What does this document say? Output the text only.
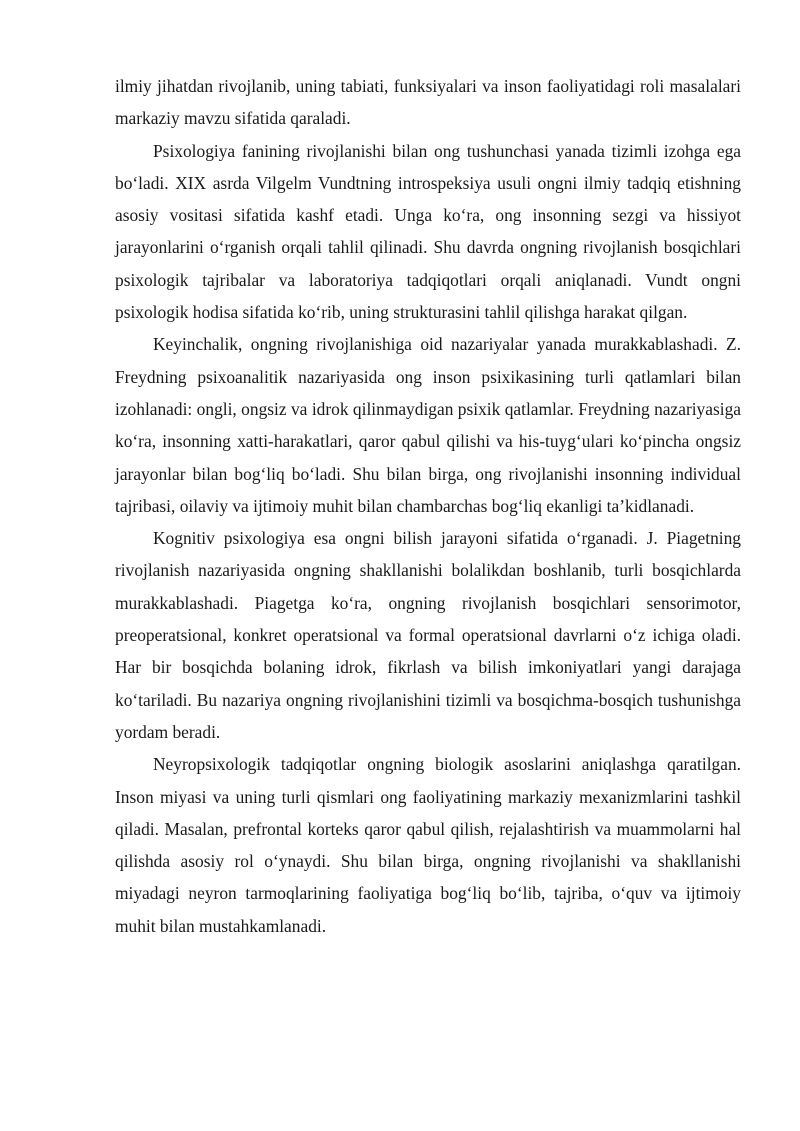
ilmiy jihatdan rivojlanib, uning tabiati, funksiyalari va inson faoliyatidagi roli masalalari markaziy mavzu sifatida qaraladi.

Psixologiya fanining rivojlanishi bilan ong tushunchasi yanada tizimli izohga ega bo‘ladi. XIX asrda Vilgelm Vundtning introspeksiya usuli ongni ilmiy tadqiq etishning asosiy vositasi sifatida kashf etadi. Unga ko‘ra, ong insonning sezgi va hissiyot jarayonlarini o‘rganish orqali tahlil qilinadi. Shu davrda ongning rivojlanish bosqichlari psixologik tajribalar va laboratoriya tadqiqotlari orqali aniqlanadi. Vundt ongni psixologik hodisa sifatida ko‘rib, uning strukturasini tahlil qilishga harakat qilgan.

Keyinchalik, ongning rivojlanishiga oid nazariyalar yanada murakkablashadi. Z. Freydning psixoanalitik nazariyasida ong inson psixikasining turli qatlamlari bilan izohlanadi: ongli, ongsiz va idrok qilinmaydigan psixik qatlamlar. Freydning nazariyasiga ko‘ra, insonning xatti-harakatlari, qaror qabul qilishi va his-tuyg‘ulari ko‘pincha ongsiz jarayonlar bilan bog‘liq bo‘ladi. Shu bilan birga, ong rivojlanishi insonning individual tajribasi, oilaviy va ijtimoiy muhit bilan chambarchas bog‘liq ekanligi ta’kidlanadi.

Kognitiv psixologiya esa ongni bilish jarayoni sifatida o‘rganadi. J. Piagetning rivojlanish nazariyasida ongning shakllanishi bolalikdan boshlanib, turli bosqichlarda murakkablashadi. Piagetga ko‘ra, ongning rivojlanish bosqichlari sensorimotor, preoperatsional, konkret operatsional va formal operatsional davrlarni o‘z ichiga oladi. Har bir bosqichda bolaning idrok, fikrlash va bilish imkoniyatlari yangi darajaga ko‘tariladi. Bu nazariya ongning rivojlanishini tizimli va bosqichma-bosqich tushunishga yordam beradi.

Neyropsixologik tadqiqotlar ongning biologik asoslarini aniqlashga qaratilgan. Inson miyasi va uning turli qismlari ong faoliyatining markaziy mexanizmlarini tashkil qiladi. Masalan, prefrontal korteks qaror qabul qilish, rejalashtirish va muammolarni hal qilishda asosiy rol o‘ynaydi. Shu bilan birga, ongning rivojlanishi va shakllanishi miyadagi neyron tarmoqlarining faoliyatiga bog‘liq bo‘lib, tajriba, o‘quv va ijtimoiy muhit bilan mustahkamlanadi.
